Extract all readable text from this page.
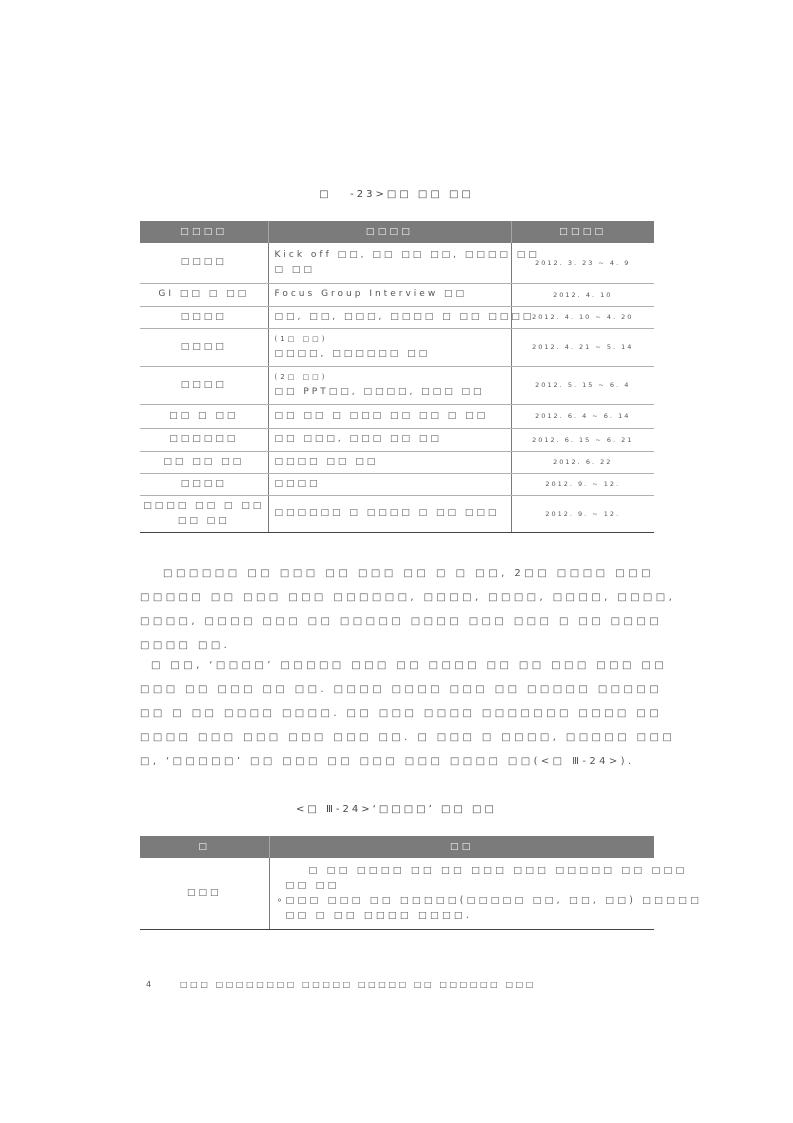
□   -23>□□ □□ □□
□□□□	□□□□	□□□□

□□□□	Kick off □□, □□ □□ □□, □□□□ □□
□ □□	2012. 3. 23 ~ 4. 9

GI □□ □ □□	Focus Group Interview □□	2012. 4. 10

□□□□	□□, □□, □□□, □□□□ □ □□ □□□□	2012. 4. 10 ~ 4. 20

□□□□	(1□ □□)
□□□□, □□□□□□ □□	2012. 4. 21 ~ 5. 14

□□□□	(2□ □□)
□□ PPT□□, □□□□, □□□ □□	2012. 5. 15 ~ 6. 4

□□ □ □□	□□ □□ □ □□□ □□ □□ □ □□	2012. 6. 4 ~ 6. 14

□□□□□□	□□ □□□, □□□ □□ □□	2012. 6. 15 ~ 6. 21

□□ □□ □□	□□□□ □□ □□	2012. 6. 22

□□□□	□□□□	2012. 9. ~ 12.

□□□□ □□ □ □□
□□ □□	□□□□□□ □ □□□□ □ □□ □□□	2012. 9. ~ 12.
□□□□□□ □□ □□□ □□ □□□ □□ □ □ □□, 2□□ □□□□ □□□
□□□□□ □□ □□□ □□□ □□□□□□, □□□□, □□□□, □□□□, □□□□,
□□□□, □□□□ □□□ □□ □□□□□ □□□□ □□□ □□□ □ □□ □□□□
□□□□ □□.
□ □□, ‘□□□□’ □□□□□ □□□ □□ □□□□ □□ □□ □□□ □□□ □□
□□□ □□ □□□ □□ □□. □□□□ □□□□ □□□ □□ □□□□□ □□□□□
□□ □ □□ □□□□ □□□□. □□ □□□ □□□□ □□□□□□□ □□□□ □□
□□□□ □□□ □□□ □□□ □□□ □□. □ □□□ □ □□□□, □□□□□ □□□
□, ‘□□□□□’ □□ □□□ □□ □□□ □□□ □□□□ □□(<□ Ⅲ-24>).
<□ Ⅲ-24>‘□□□□’ □□ □□
□	□□
□□□	□ □□ □□□□ □□ □□ □□□ □□□ □□□□□ □□ □□□
□□ □□
∘□□□ □□□ □□ □□□□□(□□□□□ □□, □□, □□) □□□□□
□□ □ □□ □□□□ □□□□.
4	□□□ □□□□□□□□ □□□□□ □□□□□ □□ □□□□□□ □□□
